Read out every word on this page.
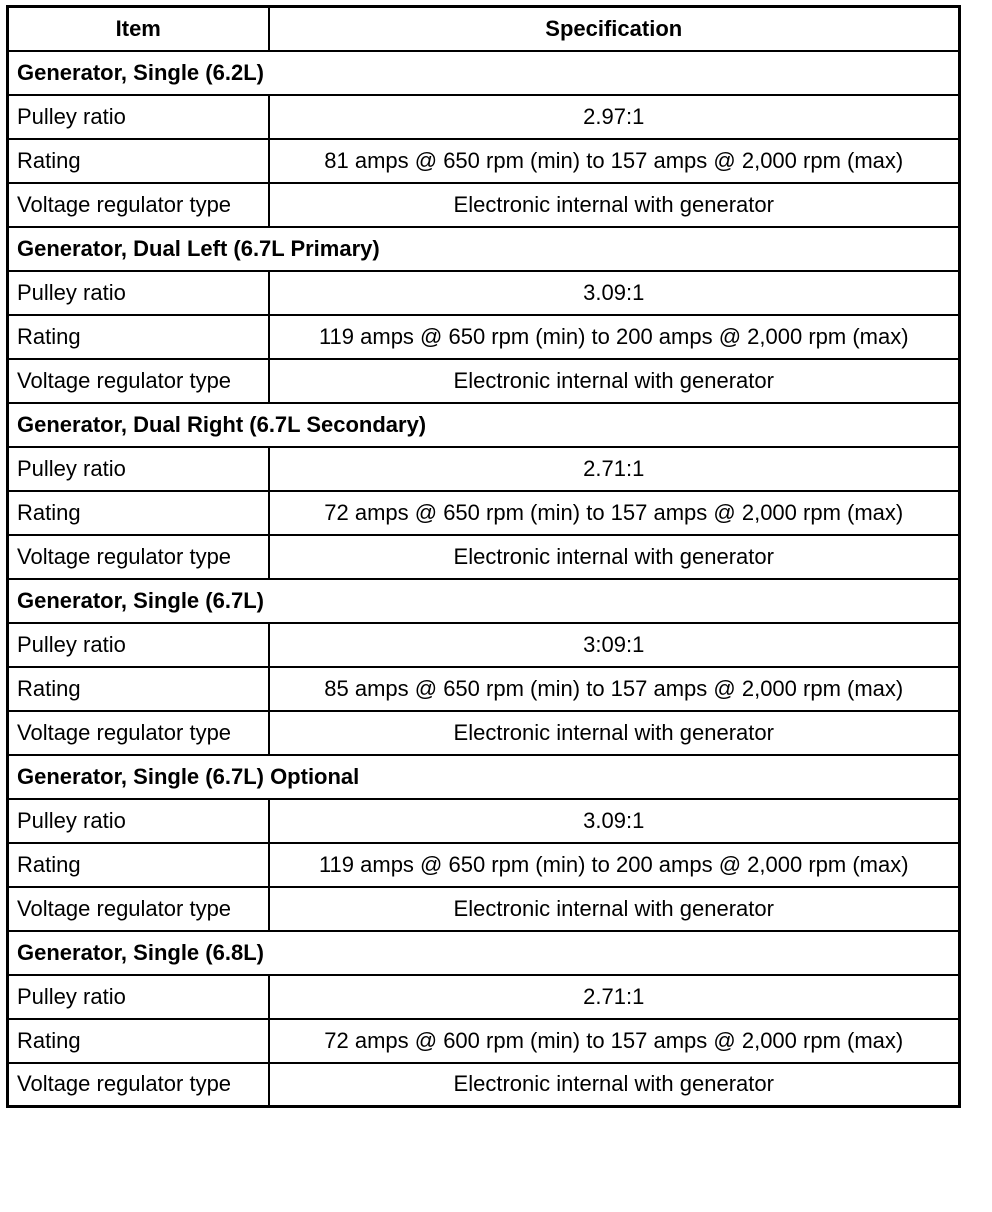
Item	Specification
Generator, Single (6.2L)	
Pulley ratio	2.97:1
Rating	81 amps @ 650 rpm (min) to 157 amps @ 2,000 rpm (max)
Voltage regulator type	Electronic internal with generator
Generator, Dual Left (6.7L Primary)	
Pulley ratio	3.09:1
Rating	119 amps @ 650 rpm (min) to 200 amps @ 2,000 rpm (max)
Voltage regulator type	Electronic internal with generator
Generator, Dual Right (6.7L Secondary)	
Pulley ratio	2.71:1
Rating	72 amps @ 650 rpm (min) to 157 amps @ 2,000 rpm (max)
Voltage regulator type	Electronic internal with generator
Generator, Single (6.7L)	
Pulley ratio	3:09:1
Rating	85 amps @ 650 rpm (min) to 157 amps @ 2,000 rpm (max)
Voltage regulator type	Electronic internal with generator
Generator, Single (6.7L) Optional	
Pulley ratio	3.09:1
Rating	119 amps @ 650 rpm (min) to 200 amps @ 2,000 rpm (max)
Voltage regulator type	Electronic internal with generator
Generator, Single (6.8L)	
Pulley ratio	2.71:1
Rating	72 amps @ 600 rpm (min) to 157 amps @ 2,000 rpm (max)
Voltage regulator type	Electronic internal with generator
